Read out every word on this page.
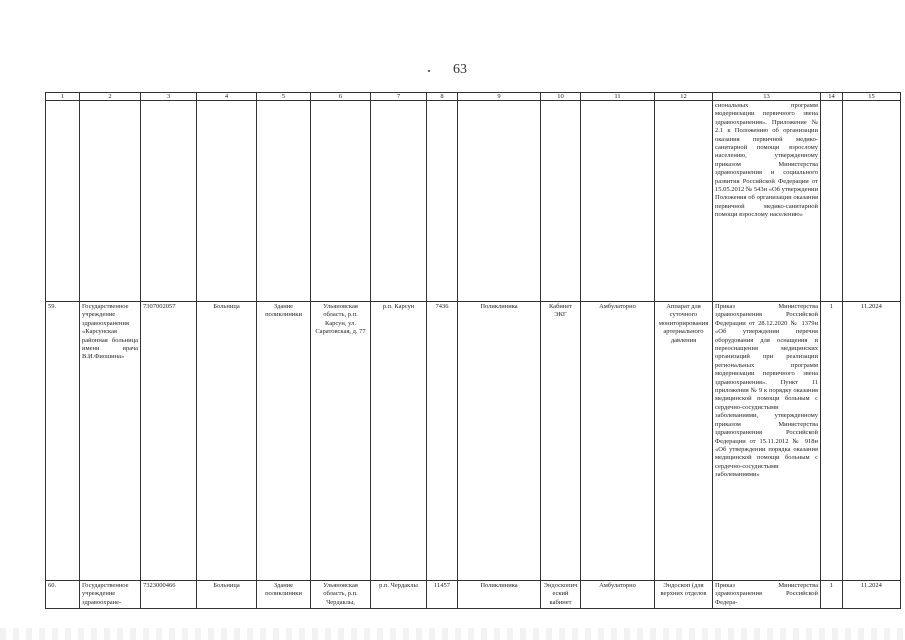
63
1	2	3	4	5	6	7	8	9	10	11	12	13	14	15
												сиональных программ модернизации первичного звена здравоохранения». Приложение № 2.1 к Положению об организации оказания первичной медико-санитарной помощи взрослому населению, утвержденному приказом Министерства здравоохранения и социального развития Российской Федерации от 15.05.2012 № 543н «Об утверждении Положения об организации оказания первичной медико-санитарной помощи взрослому населению»		
59.	Государственное учреждение здравоохранения «Карсунская районная больница имени врача В.И.Фиошина»	7307002057	Больница	Здание поликлиники	Ульяновская область, р.п. Карсун, ул. Саратовская, д. 77	р.п. Карсун	7436	Поликлиника	Кабинет ЭКГ	Амбулаторно	Аппарат для суточного мониторирования артериального давления	Приказ Министерства здравоохранения Российской Федерации от 28.12.2020 № 1379н «Об утверждении перечня оборудования для оснащения и переоснащения медицинских организаций при реализации региональных программ модернизации первичного звена здравоохранения». Пункт 11 приложения № 9 к порядку оказания медицинской помощи больным с сердечно-сосудистыми заболеваниями, утвержденному приказом Министерства здравоохранения Российской Федерации от 15.11.2012 № 918н «Об утверждении порядка оказания медицинской помощи больным с сердечно-сосудистыми заболеваниями»	1	11.2024
60.	Государственное учреждение здравоохране-	7323000466	Больница	Здание поликлиники	Ульяновская область, р.п. Чердаклы,	р.п. Чердаклы	11457	Поликлиника	Эндоскопический кабинет	Амбулаторно	Эндоскоп (для верхних отделов	Приказ Министерства здравоохранения Российской Федера-	1	11.2024
